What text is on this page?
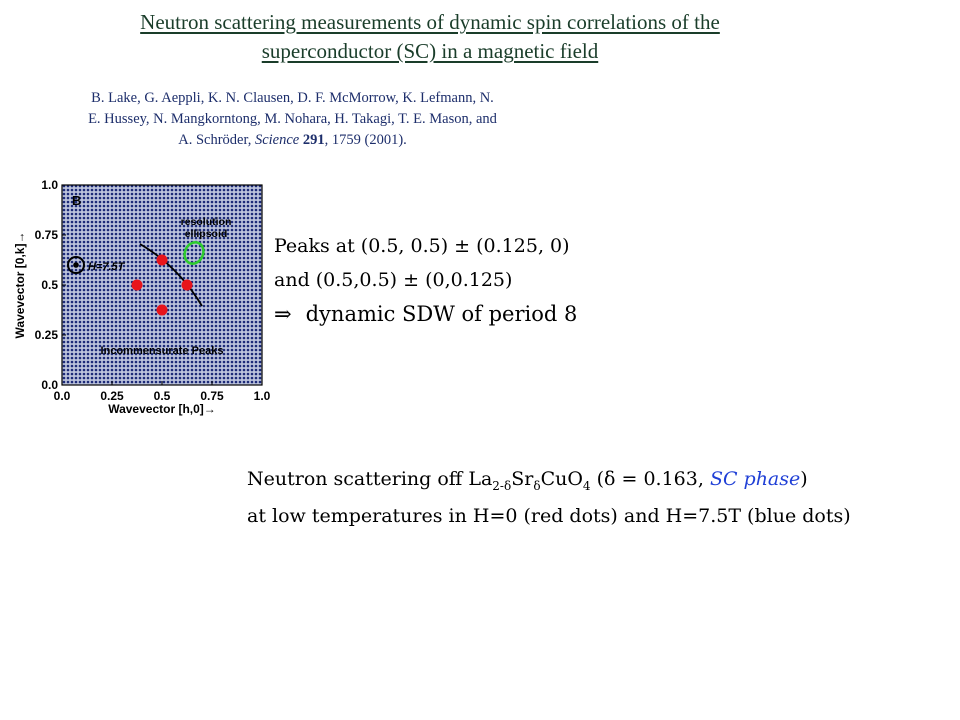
Neutron scattering measurements of dynamic spin correlations of the
superconductor (SC) in a magnetic field
B. Lake, G. Aeppli, K. N. Clausen, D. F. McMorrow, K. Lefmann, N.
E. Hussey, N. Mangkorntong, M. Nohara, H. Takagi, T. E. Mason, and
A. Schröder, Science 291, 1759 (2001).
0.0 0.25 0.5 0.75 1.0
0.0
0.25
0.5
0.75
1.0
B
resolution
ellipsoid
H=7.5T
Incommensurate Peaks
Wavevector [h,0]→
Wavevector [0,k]→	Peaks at (0.5, 0.5) ± (0.125, 0)
and (0.5,0.5) ± (0,0.125)
⇒ dynamic SDW of period 8
Neutron scattering off $La_{2-\delta}Sr_\delta CuO_4$ (δ = 0.163, SC phase)
at low temperatures in H=0 (red dots) and H=7.5T (blue dots)
